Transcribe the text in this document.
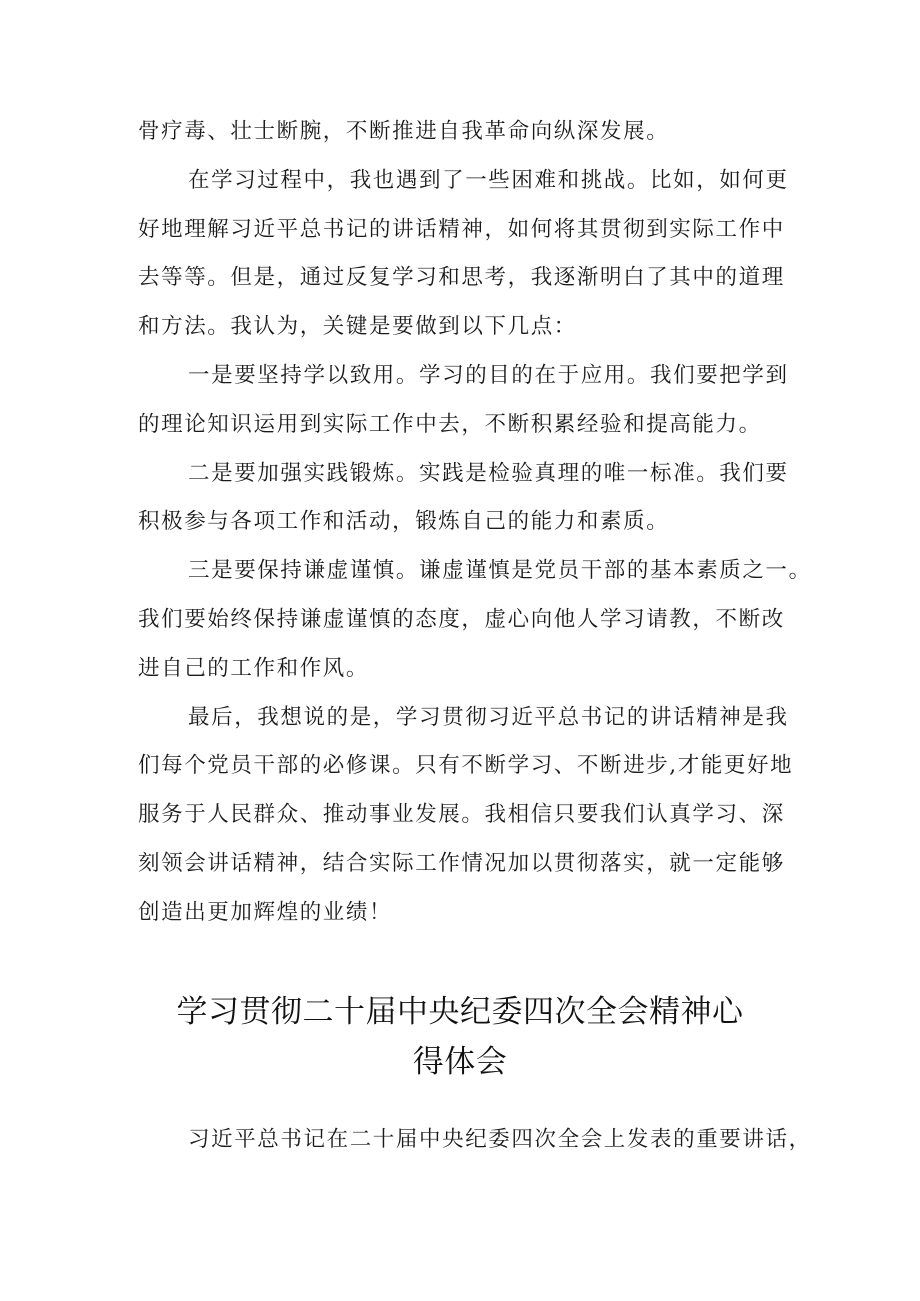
骨疗毒、壮士断腕，不断推进自我革命向纵深发展。
在学习过程中，我也遇到了一些困难和挑战。比如，如何更
好地理解习近平总书记的讲话精神，如何将其贯彻到实际工作中
去等等。但是，通过反复学习和思考，我逐渐明白了其中的道理
和方法。我认为，关键是要做到以下几点：
一是要坚持学以致用。学习的目的在于应用。我们要把学到
的理论知识运用到实际工作中去，不断积累经验和提高能力。
二是要加强实践锻炼。实践是检验真理的唯一标准。我们要
积极参与各项工作和活动，锻炼自己的能力和素质。
三是要保持谦虚谨慎。谦虚谨慎是党员干部的基本素质之一。
我们要始终保持谦虚谨慎的态度，虚心向他人学习请教，不断改
进自己的工作和作风。
最后，我想说的是，学习贯彻习近平总书记的讲话精神是我
们每个党员干部的必修课。只有不断学习、不断进步,才能更好地
服务于人民群众、推动事业发展。我相信只要我们认真学习、深
刻领会讲话精神，结合实际工作情况加以贯彻落实，就一定能够
创造出更加辉煌的业绩！
学习贯彻二十届中央纪委四次全会精神心
得体会
习近平总书记在二十届中央纪委四次全会上发表的重要讲话，
